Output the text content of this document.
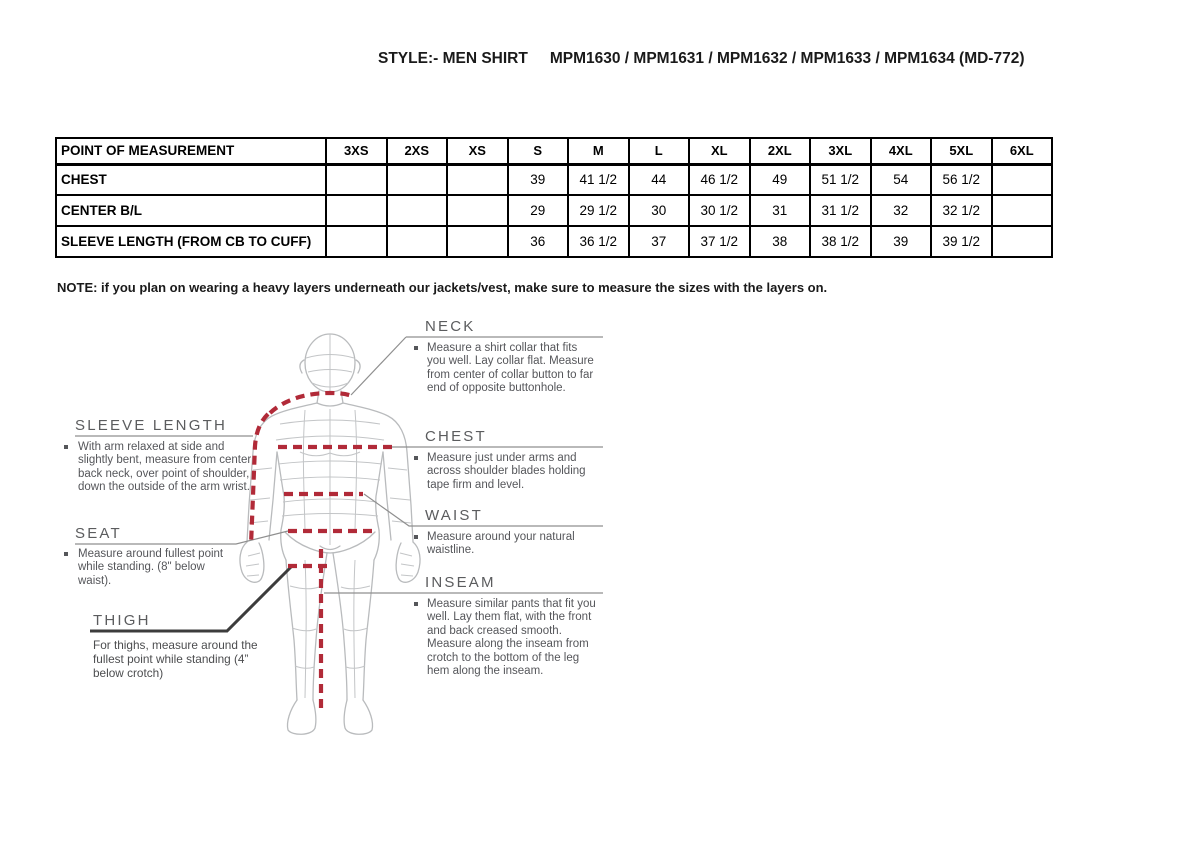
STYLE:- MEN SHIRT MPM1630 / MPM1631 / MPM1632 / MPM1633 / MPM1634 (MD-772)
POINT OF MEASUREMENT	3XS	2XS	XS	S	M	L	XL	2XL	3XL	4XL	5XL	6XL
CHEST				39	41 1/2	44	46 1/2	49	51 1/2	54	56 1/2	
CENTER B/L				29	29 1/2	30	30 1/2	31	31 1/2	32	32 1/2	
SLEEVE LENGTH (FROM CB TO CUFF)				36	36 1/2	37	37 1/2	38	38 1/2	39	39 1/2	
NOTE: if you plan on wearing a heavy layers underneath our jackets/vest, make sure to measure the sizes with the layers on.
NECK
Measure a shirt collar that fits you well. Lay collar flat. Measure from center of collar button to far end of opposite buttonhole.
CHEST
Measure just under arms and across shoulder blades holding tape firm and level.
WAIST
Measure around your natural waistline.
INSEAM
Measure similar pants that fit you well. Lay them flat, with the front and back creased smooth. Measure along the inseam from crotch to the bottom of the leg hem along the inseam.
SLEEVE LENGTH
With arm relaxed at side and slightly bent, measure from center back neck, over point of shoulder, down the outside of the arm wrist.
SEAT
Measure around fullest point while standing. (8" below waist).
THIGH
For thighs, measure around the fullest point while standing (4” below crotch)
